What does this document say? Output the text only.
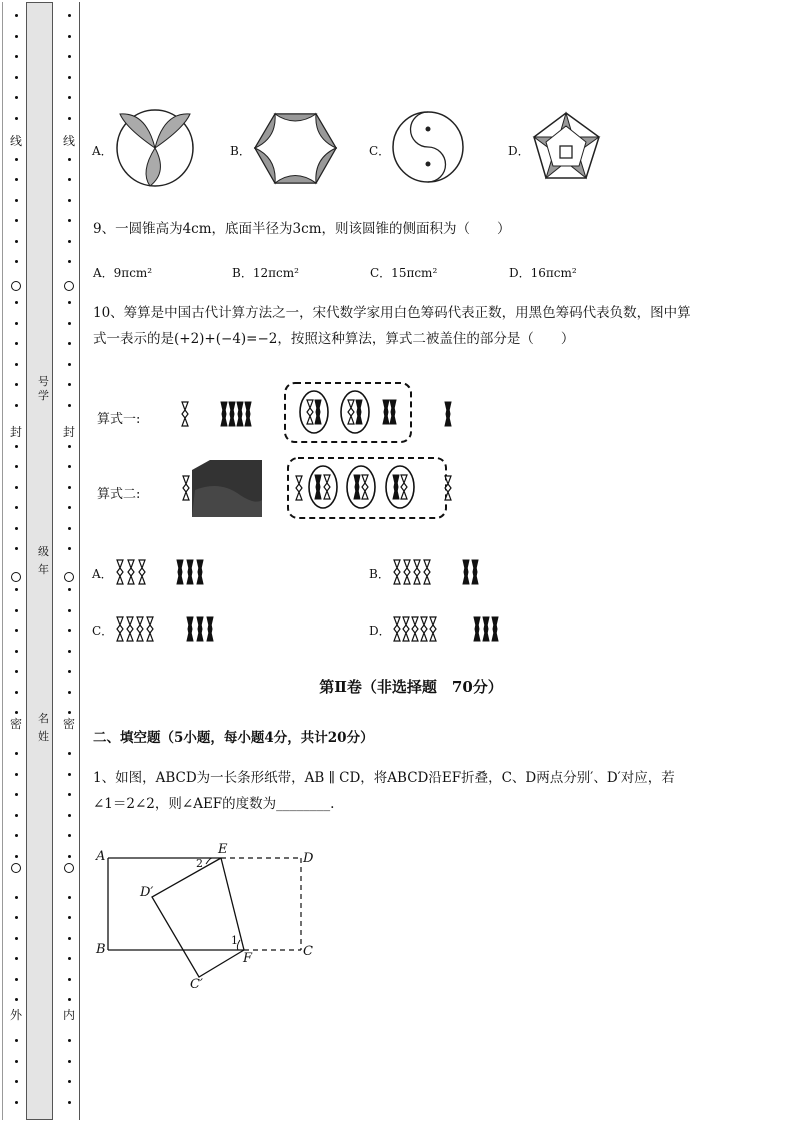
线
封
密
外
线
封
密
内
号学
级年
名姓
A．	B．	C．	D．
9、一圆锥高为4cm，底面半径为3cm，则该圆锥的侧面积为（　　）
A．9πcm²	B．12πcm²	C．15πcm²	D．16πcm²
10、筹算是中国古代计算方法之一，宋代数学家用白色筹码代表正数，用黑色筹码代表负数，图中算
式一表示的是(+2)+(−4)=−2，按照这种算法，算式二被盖住的部分是（　　）
算式一:
算式二:
A．	B．
C．	D．
第Ⅱ卷（非选择题　70分）
二、填空题（5小题，每小题4分，共计20分）
1、如图，ABCD为一长条形纸带，AB ∥ CD，将ABCD沿EF折叠，C、D两点分别′、D′对应，若
∠1＝2∠2，则∠AEF的度数为________.
A
B	C
D
E
F
D′
C′
1
2
